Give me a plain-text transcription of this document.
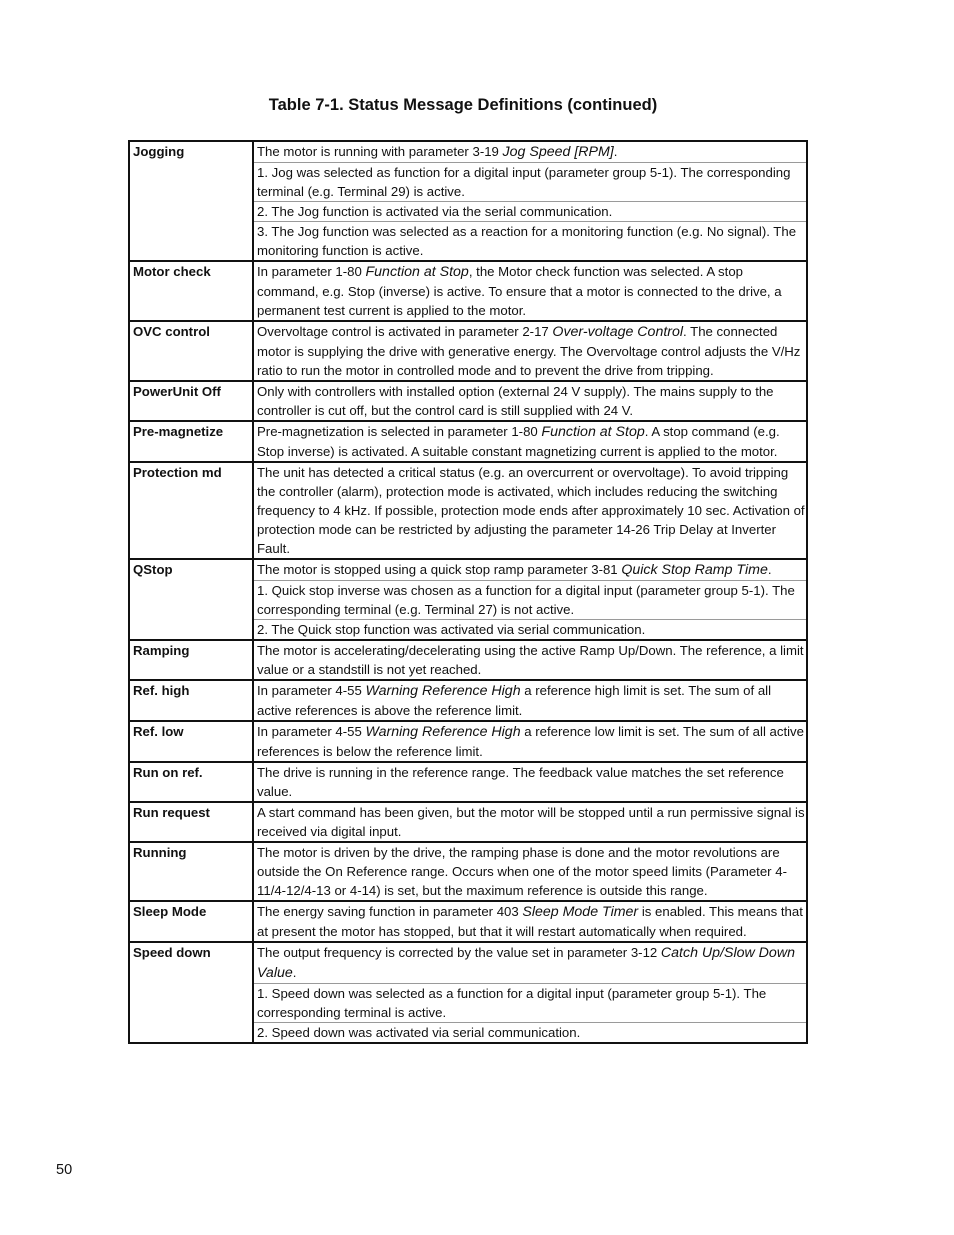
Table 7-1. Status Message Definitions (continued)
Jogging	The motor is running with parameter 3-19 Jog Speed [RPM].
1. Jog was selected as function for a digital input (parameter group 5-1). The corresponding terminal (e.g. Terminal 29) is active.
2. The Jog function is activated via the serial communication.
3. The Jog function was selected as a reaction for a monitoring function (e.g. No signal). The monitoring function is active.

Motor check	In parameter 1-80 Function at Stop, the Motor check function was selected. A stop command, e.g. Stop (inverse) is active. To ensure that a motor is connected to the drive, a permanent test current is applied to the motor.

OVC control	Overvoltage control is activated in parameter 2-17 Over-voltage Control. The connected motor is supplying the drive with generative energy. The Overvoltage control adjusts the V/Hz ratio to run the motor in controlled mode and to prevent the drive from tripping.

PowerUnit Off	Only with controllers with installed option (external 24 V supply). The mains supply to the controller is cut off, but the control card is still supplied with 24 V.

Pre-magnetize	Pre-magnetization is selected in parameter 1-80 Function at Stop. A stop command (e.g. Stop inverse) is activated. A suitable constant magnetizing current is applied to the motor.

Protection md	The unit has detected a critical status (e.g. an overcurrent or overvoltage). To avoid tripping the controller (alarm), protection mode is activated, which includes reducing the switching frequency to 4 kHz. If possible, protection mode ends after approximately 10 sec. Activation of protection mode can be restricted by adjusting the parameter 14-26 Trip Delay at Inverter Fault.

QStop	The motor is stopped using a quick stop ramp parameter 3-81 Quick Stop Ramp Time.
1. Quick stop inverse was chosen as a function for a digital input (parameter group 5-1). The corresponding terminal (e.g. Terminal 27) is not active.
2. The Quick stop function was activated via serial communication.

Ramping	The motor is accelerating/decelerating using the active Ramp Up/Down. The reference, a limit value or a standstill is not yet reached.

Ref. high	In parameter 4-55 Warning Reference High a reference high limit is set. The sum of all active references is above the reference limit.

Ref. low	In parameter 4-55 Warning Reference High a reference low limit is set. The sum of all active references is below the reference limit.

Run on ref.	The drive is running in the reference range. The feedback value matches the set reference value.

Run request	A start command has been given, but the motor will be stopped until a run permissive signal is received via digital input.

Running	The motor is driven by the drive, the ramping phase is done and the motor revolutions are outside the On Reference range. Occurs when one of the motor speed limits (Parameter 4-11/4-12/4-13 or 4-14) is set, but the maximum reference is outside this range.

Sleep Mode	The energy saving function in parameter 403 Sleep Mode Timer is enabled. This means that at present the motor has stopped, but that it will restart automatically when required.

Speed down	The output frequency is corrected by the value set in parameter 3-12 Catch Up/Slow Down Value.
1. Speed down was selected as a function for a digital input (parameter group 5-1). The corresponding terminal is active.
2. Speed down was activated via serial communication.
50
